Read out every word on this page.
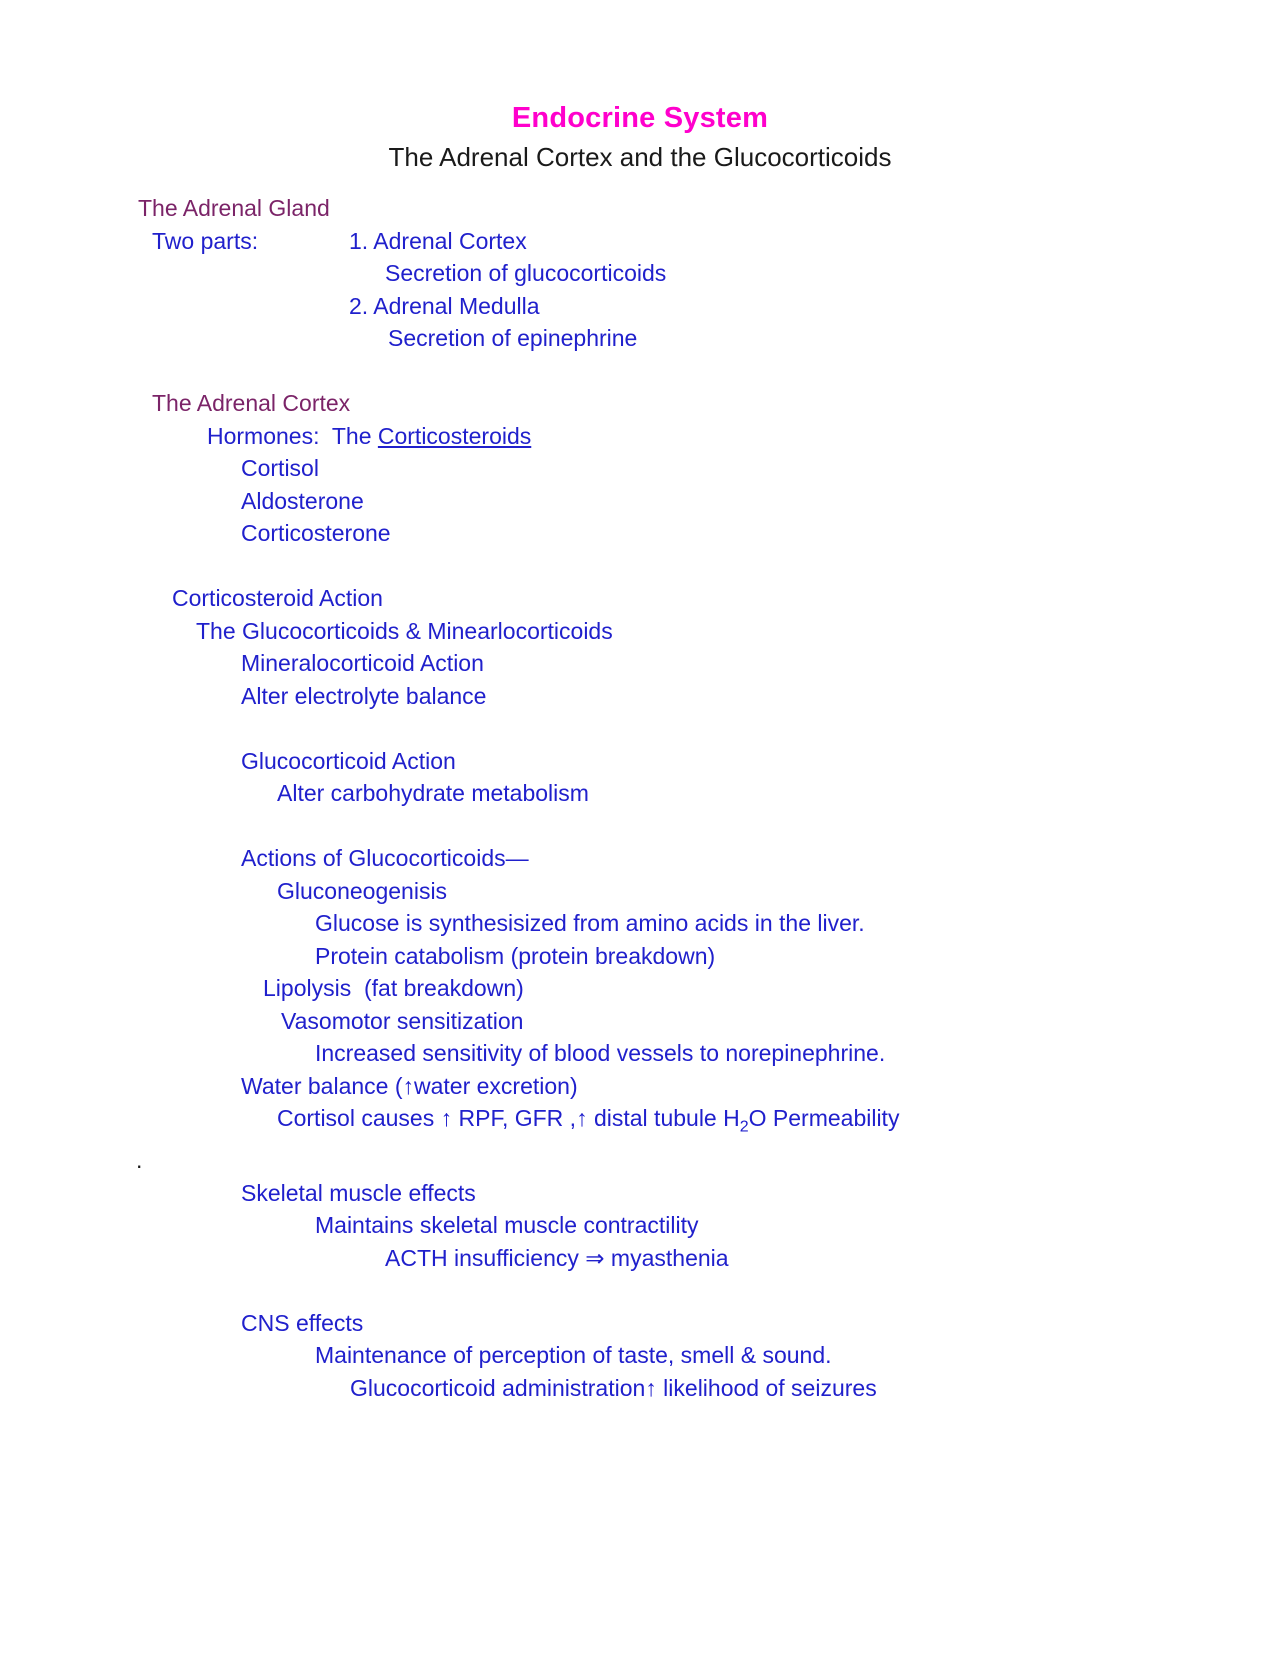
Endocrine System
The Adrenal Cortex and the Glucocorticoids
The Adrenal Gland
Two parts:	1. Adrenal Cortex
Secretion of glucocorticoids
2. Adrenal Medulla
Secretion of epinephrine
The Adrenal Cortex
Hormones:  The Corticosteroids
Cortisol
Aldosterone
Corticosterone
Corticosteroid Action
The Glucocorticoids & Minearlocorticoids
Mineralocorticoid Action
Alter electrolyte balance
Glucocorticoid Action
Alter carbohydrate metabolism
Actions of Glucocorticoids—
Gluconeogenisis
Glucose is synthesisized from amino acids in the liver.
Protein catabolism (protein breakdown)
Lipolysis  (fat breakdown)
Vasomotor sensitization
Increased sensitivity of blood vessels to norepinephrine.
Water balance (↑water excretion)
Cortisol causes ↑ RPF, GFR ,↑ distal tubule $H_2O$ Permeability
.
Skeletal muscle effects
Maintains skeletal muscle contractility
ACTH insufficiency ⇒ myasthenia
CNS effects
Maintenance of perception of taste, smell & sound.
Glucocorticoid administration↑ likelihood of seizures
